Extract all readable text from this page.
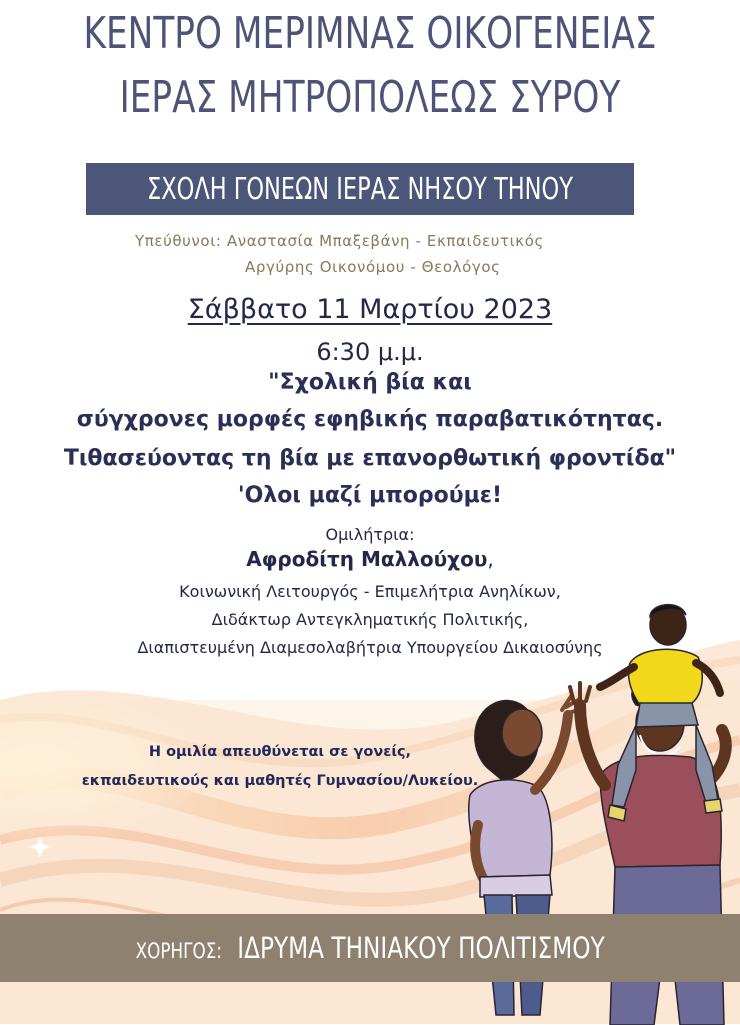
ΚΕΝΤΡΟ ΜΕΡΙΜΝΑΣ ΟΙΚΟΓΕΝΕΙΑΣ
ΙΕΡΑΣ ΜΗΤΡΟΠΟΛΕΩΣ ΣΥΡΟΥ
ΣΧΟΛΗ ΓΟΝΕΩΝ ΙΕΡΑΣ ΝΗΣΟΥ ΤΗΝΟΥ
Υπεύθυνοι: Αναστασία Μπαξεβάνη - Εκπαιδευτικός
Αργύρης Οικονόμου - Θεολόγος
Σάββατο 11 Μαρτίου 2023
6:30 μ.μ.
"Σχολική βία και
σύγχρονες μορφές εφηβικής παραβατικότητας.
Τιθασεύοντας τη βία με επανορθωτική φροντίδα"
'Ολοι μαζί μπορούμε!
Ομιλήτρια:
Αφροδίτη Μαλλούχου,
Κοινωνική Λειτουργός - Επιμελήτρια Ανηλίκων,
Διδάκτωρ Αντεγκληματικής Πολιτικής,
Διαπιστευμένη Διαμεσολαβήτρια Υπουργείου Δικαιοσύνης
Η ομιλία απευθύνεται σε γονείς,
εκπαιδευτικούς και μαθητές Γυμνασίου/Λυκείου.
ΧΟΡΗΓΟΣ: ΙΔΡΥΜΑ ΤΗΝΙΑΚΟΥ ΠΟΛΙΤΙΣΜΟΥ
